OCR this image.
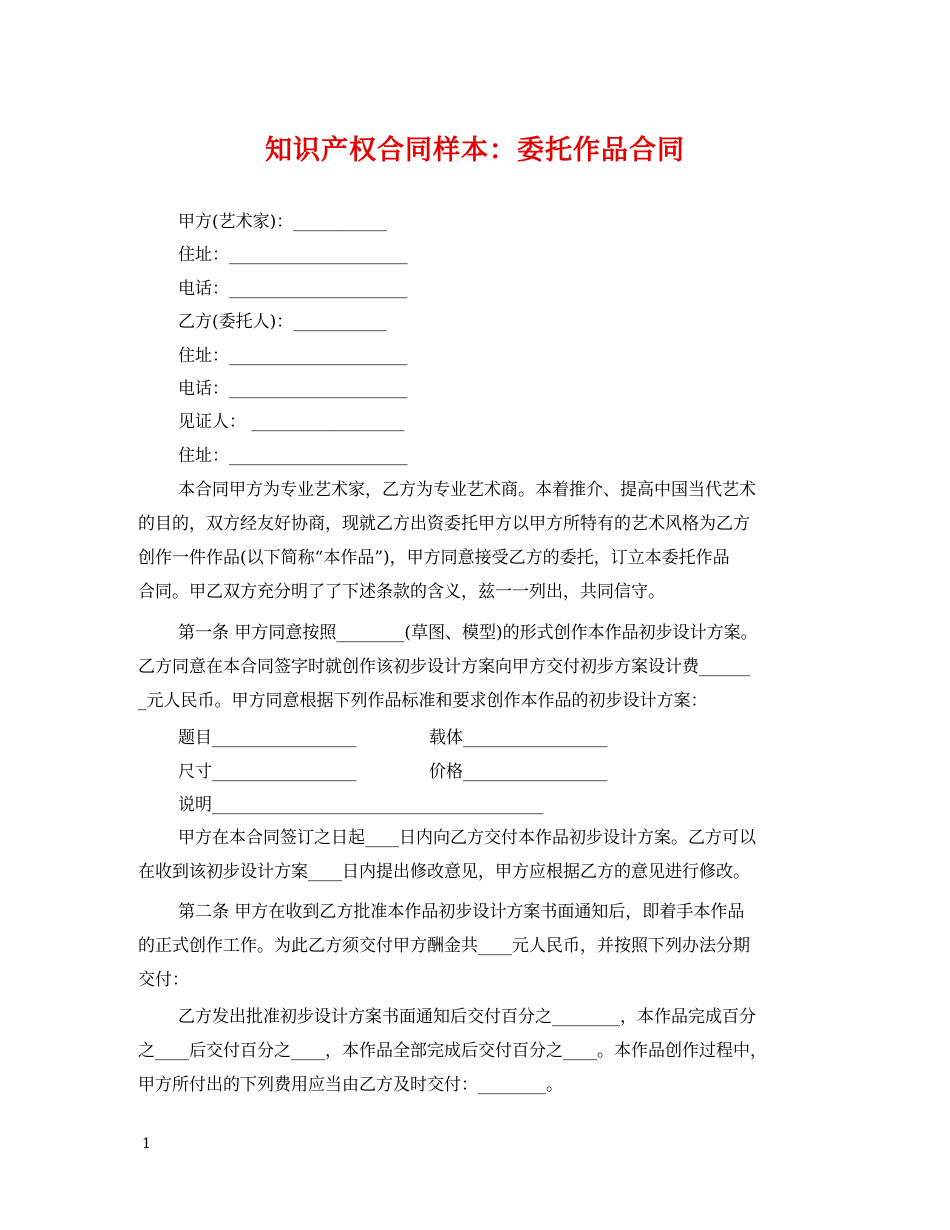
知识产权合同样本：委托作品合同
甲方(艺术家)：___________
住址：_____________________
电话：_____________________
乙方(委托人)：___________
住址：_____________________
电话：_____________________
见证人： __________________
住址：_____________________
本合同甲方为专业艺术家，乙方为专业艺术商。本着推介、提高中国当代艺术
的目的，双方经友好协商，现就乙方出资委托甲方以甲方所特有的艺术风格为乙方
创作一件作品(以下简称“本作品”)，甲方同意接受乙方的委托，订立本委托作品
合同。甲乙双方充分明了了下述条款的含义，兹一一列出，共同信守。
第一条 甲方同意按照________(草图、模型)的形式创作本作品初步设计方案。
乙方同意在本合同签字时就创作该初步设计方案向甲方交付初步方案设计费______
_元人民币。甲方同意根据下列作品标准和要求创作本作品的初步设计方案：
题目_________________	载体_________________
尺寸_________________	价格_________________
说明_______________________________________
甲方在本合同签订之日起____日内向乙方交付本作品初步设计方案。乙方可以
在收到该初步设计方案____日内提出修改意见，甲方应根据乙方的意见进行修改。
第二条 甲方在收到乙方批准本作品初步设计方案书面通知后，即着手本作品
的正式创作工作。为此乙方须交付甲方酬金共____元人民币，并按照下列办法分期
交付：
乙方发出批准初步设计方案书面通知后交付百分之________，本作品完成百分
之____后交付百分之____，本作品全部完成后交付百分之____。本作品创作过程中，
甲方所付出的下列费用应当由乙方及时交付：________。
1
